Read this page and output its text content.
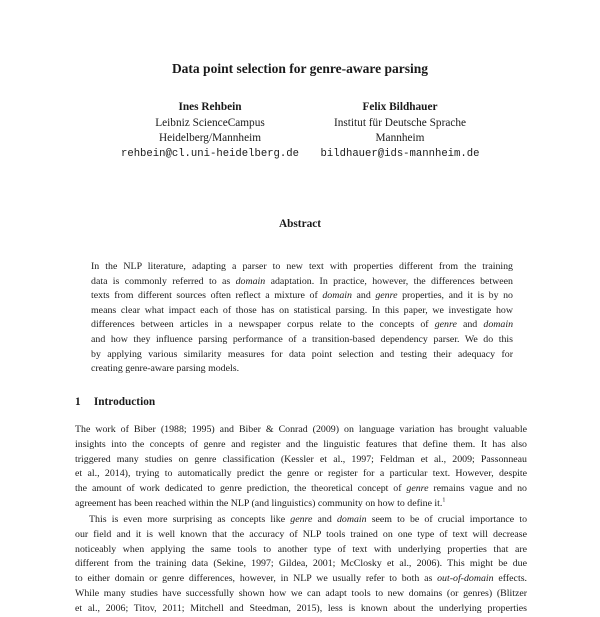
Data point selection for genre-aware parsing
Ines Rehbein
Leibniz ScienceCampus
Heidelberg/Mannheim
rehbein@cl.uni-heidelberg.de
Felix Bildhauer
Institut für Deutsche Sprache
Mannheim
bildhauer@ids-mannheim.de
Abstract
In the NLP literature, adapting a parser to new text with properties different from the training
data is commonly referred to as domain adaptation. In practice, however, the differences between
texts from different sources often reflect a mixture of domain and genre properties, and it is by no
means clear what impact each of those has on statistical parsing. In this paper, we investigate how
differences between articles in a newspaper corpus relate to the concepts of genre and domain
and how they influence parsing performance of a transition-based dependency parser. We do this
by applying various similarity measures for data point selection and testing their adequacy for
creating genre-aware parsing models.
1 Introduction
The work of Biber (1988; 1995) and Biber & Conrad (2009) on language variation has brought valuable
insights into the concepts of genre and register and the linguistic features that define them. It has also
triggered many studies on genre classification (Kessler et al., 1997; Feldman et al., 2009; Passonneau
et al., 2014), trying to automatically predict the genre or register for a particular text. However, despite
the amount of work dedicated to genre prediction, the theoretical concept of genre remains vague and no
agreement has been reached within the NLP (and linguistics) community on how to define it.$^1$
This is even more surprising as concepts like genre and domain seem to be of crucial importance to
our field and it is well known that the accuracy of NLP tools trained on one type of text will decrease
noticeably when applying the same tools to another type of text with underlying properties that are
different from the training data (Sekine, 1997; Gildea, 2001; McClosky et al., 2006). This might be due
to either domain or genre differences, however, in NLP we usually refer to both as out-of-domain effects.
While many studies have successfully shown how we can adapt tools to new domains (or genres) (Blitzer
et al., 2006; Titov, 2011; Mitchell and Steedman, 2015), less is known about the underlying properties
